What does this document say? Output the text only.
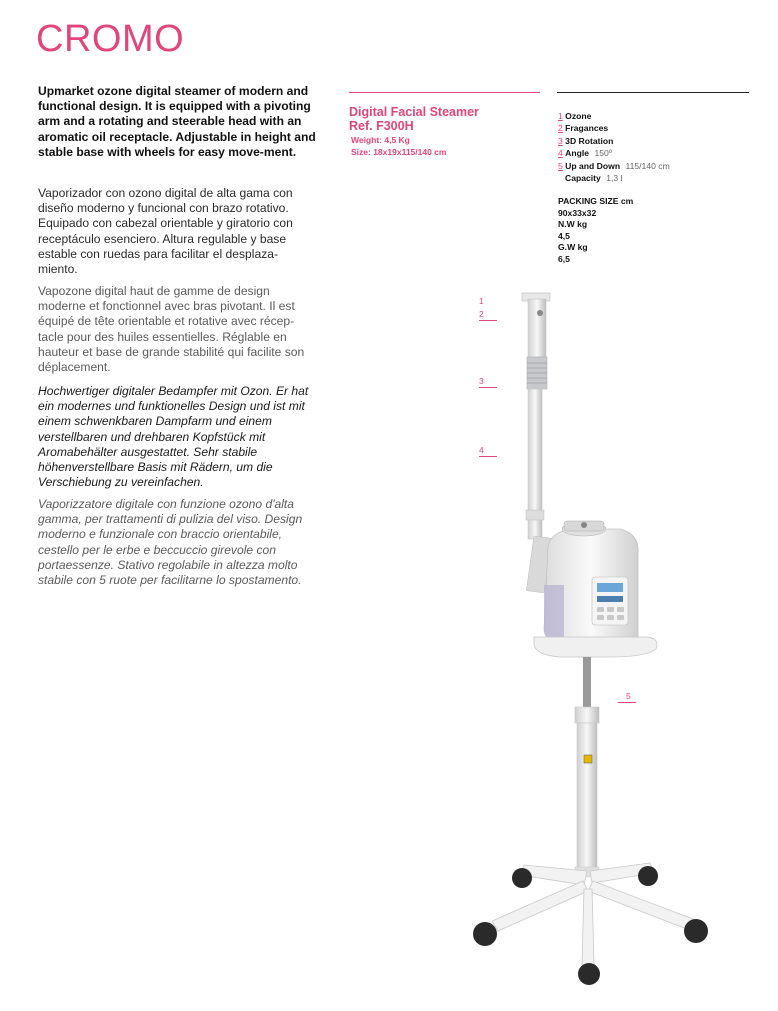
CROMO

Upmarket ozone digital steamer of modern and functional design. It is equipped with a pivoting arm and a rotating and steerable head with an aromatic oil receptacle. Adjustable in height and stable base with wheels for easy move-ment.

Vaporizador con ozono digital de alta gama con diseño moderno y funcional con brazo rotativo. Equipado con cabezal orientable y giratorio con receptáculo esenciero. Altura regulable y base estable con ruedas para facilitar el desplaza-miento.

Vapozone digital haut de gamme de design moderne et fonctionnel avec bras pivotant. Il est équipé de tête orientable et rotative avec récep-tacle pour des huiles essentielles. Réglable en hauteur et base de grande stabilité qui facilite son déplacement.

Hochwertiger digitaler Bedampfer mit Ozon. Er hat ein modernes und funktionelles Design und ist mit einem schwenkbaren Dampfarm und einem verstellbaren und drehbaren Kopfstück mit Aromabehälter ausgestattet. Sehr stabile höhenverstellbare Basis mit Rädern, um die Verschiebung zu vereinfachen.

Vaporizzatore digitale con funzione ozono d'alta gamma, per trattamenti di pulizia del viso. Design moderno e funzionale con braccio orientabile, cestello per le erbe e beccuccio girevole con portaessenze. Stativo regolabile in altezza molto stabile con 5 ruote per facilitarne lo spostamento.

Digital Facial Steamer
Ref. F300H
Weight: 4,5 Kg
Size: 18x19x115/140 cm
1 Ozone
2 Fragances
3 3D Rotation
4 Angle 150º
5 Up and Down 115/140 cm
Capacity 1,3 l
PACKING SIZE cm
90x33x32
N.W kg
4,5
G.W kg
6,5
1
2
3
4
5
